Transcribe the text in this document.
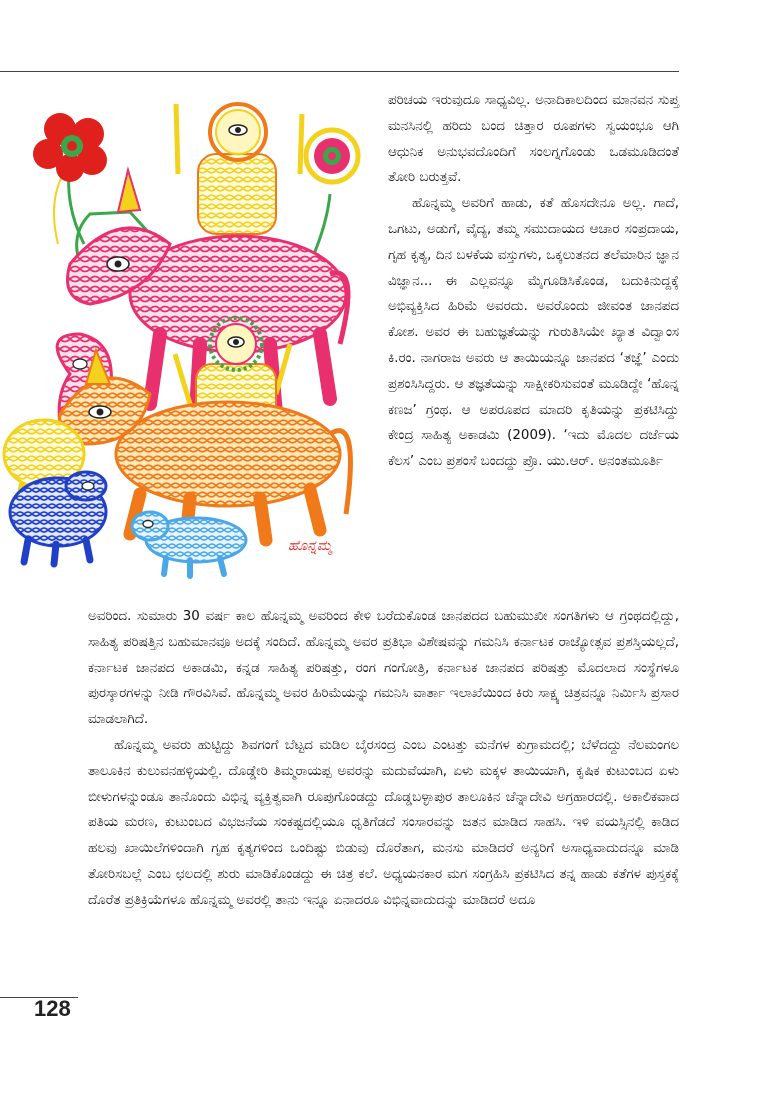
ಹೊನ್ನಮ್ಮ

ಪರಿಚಯ ಇರುವುದೂ ಸಾಧ್ಯವಿಲ್ಲ. ಅನಾದಿಕಾಲದಿಂದ ಮಾನವನ ಸುಪ್ತ ಮನಸಿನಲ್ಲಿ ಹರಿದು ಬಂದ ಚಿತ್ತಾರ ರೂಪಗಳು ಸ್ವಯಂಭೂ ಆಗಿ ಆಧುನಿಕ ಅನುಭವದೊಂದಿಗೆ ಸಂಲಗ್ನಗೊಂಡು ಒಡಮೂಡಿದಂತೆ ತೋರಿ ಬರುತ್ತವೆ.

ಹೊನ್ನಮ್ಮ ಅವರಿಗೆ ಹಾಡು, ಕತೆ ಹೊಸದೇನೂ ಅಲ್ಲ. ಗಾದೆ, ಒಗಟು, ಅಡುಗೆ, ವೈದ್ಯ, ತಮ್ಮ ಸಮುದಾಯದ ಆಚಾರ ಸಂಪ್ರದಾಯ, ಗೃಹ ಕೃತ್ಯ, ದಿನ ಬಳಕೆಯ ವಸ್ತುಗಳು, ಒಕ್ಕಲುತನದ ತಲೆಮಾರಿನ ಜ್ಞಾನ ವಿಜ್ಞಾನ... ಈ ಎಲ್ಲವನ್ನೂ ಮೈಗೂಡಿಸಿಕೊಂಡ, ಬದುಕಿನುದ್ದಕ್ಕೆ ಅಭಿವ್ಯಕ್ತಿಸಿದ ಹಿರಿಮೆ ಅವರದು. ಅವರೊಂದು ಜೀವಂತ ಜಾನಪದ ಕೋಶ. ಅವರ ಈ ಬಹುಜ್ಞತೆಯನ್ನು ಗುರುತಿಸಿಯೇ ಖ್ಯಾತ ವಿದ್ವಾಂಸ ಕಿ.ರಂ. ನಾಗರಾಜ ಅವರು ಆ ತಾಯಿಯನ್ನೂ ಜಾನಪದ ‘ತಜ್ಞೆ’ ಎಂದು ಪ್ರಶಂಸಿಸಿದ್ದರು. ಆ ತಜ್ಞತೆಯನ್ನು ಸಾಕ್ಷೀಕರಿಸುವಂತೆ ಮೂಡಿದ್ದೇ ‘ಹೊನ್ನ ಕಣಜ’ ಗ್ರಂಥ. ಆ ಅಪರೂಪದ ಮಾದರಿ ಕೃತಿಯನ್ನು ಪ್ರಕಟಿಸಿದ್ದು ಕೇಂದ್ರ ಸಾಹಿತ್ಯ ಅಕಾಡಮಿ (2009). ‘ಇದು ಮೊದಲ ದರ್ಜೆಯ ಕೆಲಸ’ ಎಂಬ ಪ್ರಶಂಸೆ ಬಂದದ್ದು ಪ್ರೊ. ಯು.ಆರ್. ಅನಂತಮೂರ್ತಿ

ಅವರಿಂದ. ಸುಮಾರು 30 ವರ್ಷ ಕಾಲ ಹೊನ್ನಮ್ಮ ಅವರಿಂದ ಕೇಳಿ ಬರೆದುಕೊಂಡ ಜಾನಪದದ ಬಹುಮುಖೀ ಸಂಗತಿಗಳು ಆ ಗ್ರಂಥದಲ್ಲಿದ್ದು, ಸಾಹಿತ್ಯ ಪರಿಷತ್ತಿನ ಬಹುಮಾನವೂ ಅದಕ್ಕೆ ಸಂದಿದೆ. ಹೊನ್ನಮ್ಮ ಅವರ ಪ್ರತಿಭಾ ವಿಶೇಷವನ್ನು ಗಮನಿಸಿ ಕರ್ನಾಟಕ ರಾಜ್ಯೋತ್ಸವ ಪ್ರಶಸ್ತಿಯಲ್ಲದೆ, ಕರ್ನಾಟಕ ಜಾನಪದ ಅಕಾಡಮಿ, ಕನ್ನಡ ಸಾಹಿತ್ಯ ಪರಿಷತ್ತು, ರಂಗ ಗಂಗೋತ್ರಿ, ಕರ್ನಾಟಕ ಜಾನಪದ ಪರಿಷತ್ತು ಮೊದಲಾದ ಸಂಸ್ಥೆಗಳೂ ಪುರಸ್ಕಾರಗಳನ್ನು ನೀಡಿ ಗೌರವಿಸಿವೆ. ಹೊನ್ನಮ್ಮ ಅವರ ಹಿರಿಮೆಯನ್ನು ಗಮನಿಸಿ ವಾರ್ತಾ ಇಲಾಖೆಯಿಂದ ಕಿರು ಸಾಕ್ಷ್ಯ ಚಿತ್ರವನ್ನೂ ನಿರ್ಮಿಸಿ ಪ್ರಸಾರ ಮಾಡಲಾಗಿದೆ.

ಹೊನ್ನಮ್ಮ ಅವರು ಹುಟ್ಟಿದ್ದು ಶಿವಗಂಗೆ ಬೆಟ್ಟದ ಮಡಿಲ ಬೈರಸಂದ್ರ ಎಂಬ ಎಂಟತ್ತು ಮನೆಗಳ ಕುಗ್ರಾಮದಲ್ಲಿ; ಬೆಳೆದದ್ದು ನೆಲಮಂಗಲ ತಾಲೂಕಿನ ಕುಲುವನಹಳ್ಳಿಯಲ್ಲಿ. ದೊಡ್ಡೇರಿ ತಿಮ್ಮರಾಯಪ್ಪ ಅವರನ್ನು ಮದುವೆಯಾಗಿ, ಏಳು ಮಕ್ಕಳ ತಾಯಿಯಾಗಿ, ಕೃಷಿಕ ಕುಟುಂಬದ ಏಳು ಬೀಳುಗಳನ್ನುಂಡೂ ತಾನೊಂದು ವಿಭಿನ್ನ ವ್ಯಕ್ತಿತ್ವವಾಗಿ ರೂಪುಗೊಂಡದ್ದು ದೊಡ್ಡಬಳ್ಳಾಪುರ ತಾಲೂಕಿನ ಚೆನ್ನಾದೇವಿ ಅಗ್ರಹಾರದಲ್ಲಿ. ಅಕಾಲಿಕವಾದ ಪತಿಯ ಮರಣ, ಕುಟುಂಬದ ವಿಭಜನೆಯ ಸಂಕಷ್ಟದಲ್ಲಿಯೂ ಧೃತಿಗೆಡದೆ ಸಂಸಾರವನ್ನು ಜತನ ಮಾಡಿದ ಸಾಹಸಿ. ಇಳಿ ವಯಸ್ಸಿನಲ್ಲಿ ಕಾಡಿದ ಹಲವು ಖಾಯಿಲೆಗಳಿಂದಾಗಿ ಗೃಹ ಕೃತ್ಯಗಳಿಂದ ಒಂದಿಷ್ಟು ಬಿಡುವು ದೊರೆತಾಗ, ಮನಸು ಮಾಡಿದರೆ ಅನ್ಯರಿಗೆ ಅಸಾಧ್ಯವಾದುದನ್ನೂ ಮಾಡಿ ತೋರಿಸಬಲ್ಲೆ ಎಂಬ ಛಲದಲ್ಲಿ ಶುರು ಮಾಡಿಕೊಂಡದ್ದು ಈ ಚಿತ್ರ ಕಲೆ. ಅಧ್ಯಯನಕಾರ ಮಗ ಸಂಗ್ರಹಿಸಿ ಪ್ರಕಟಿಸಿದ ತನ್ನ ಹಾಡು ಕತೆಗಳ ಪುಸ್ತಕಕ್ಕೆ ದೊರೆತ ಪ್ರತಿಕ್ರಿಯೆಗಳೂ ಹೊನ್ನಮ್ಮ ಅವರಲ್ಲಿ ತಾನು ಇನ್ನೂ ಏನಾದರೂ ವಿಭಿನ್ನವಾದುದನ್ನು ಮಾಡಿದರೆ ಅದೂ

128
